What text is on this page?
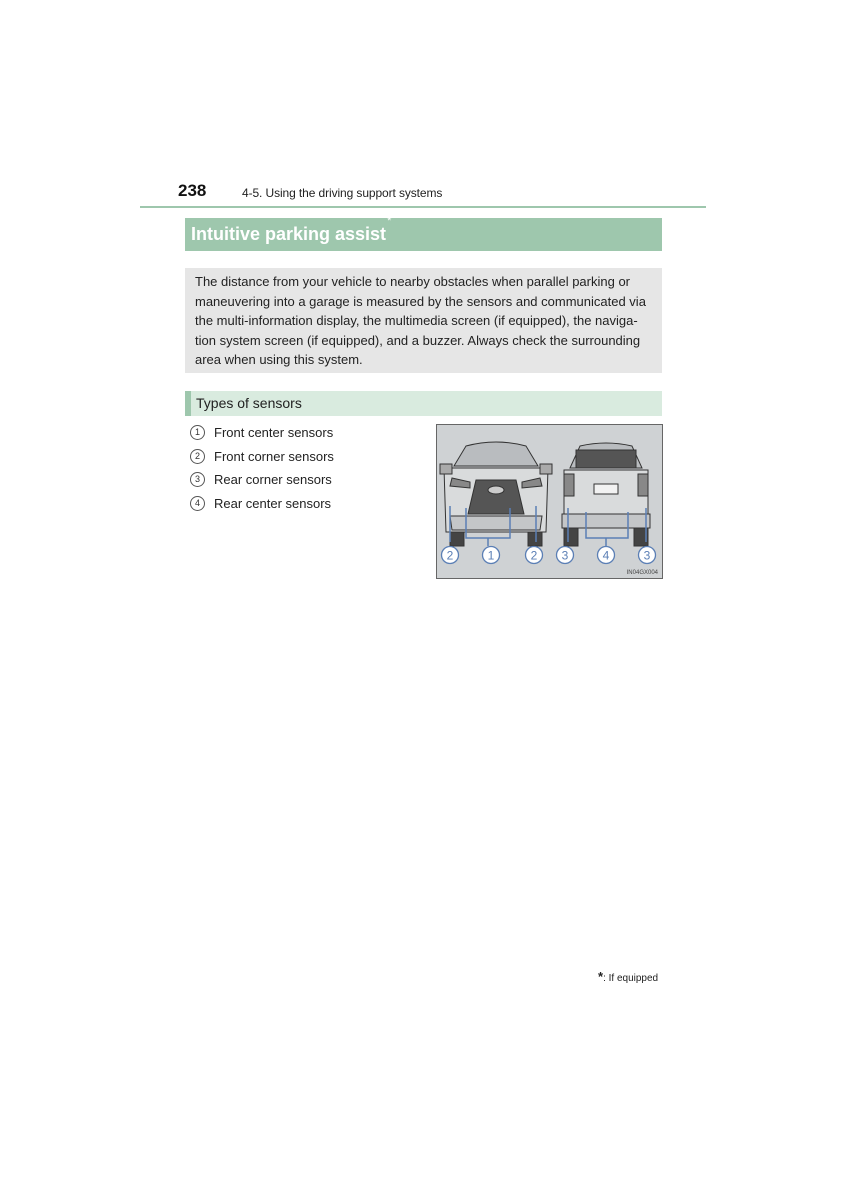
238	4-5. Using the driving support systems
Intuitive parking assist*

The distance from your vehicle to nearby obstacles when parallel parking or maneuvering into a garage is measured by the sensors and communicated via the multi-information display, the multimedia screen (if equipped), the naviga-tion system screen (if equipped), and a buzzer. Always check the surrounding area when using this system.

Types of sensors
1	Front center sensors
2	Front corner sensors
3	Rear corner sensors
4	Rear center sensors
2	1	2 3	4	3
IN04GX004
*: If equipped
